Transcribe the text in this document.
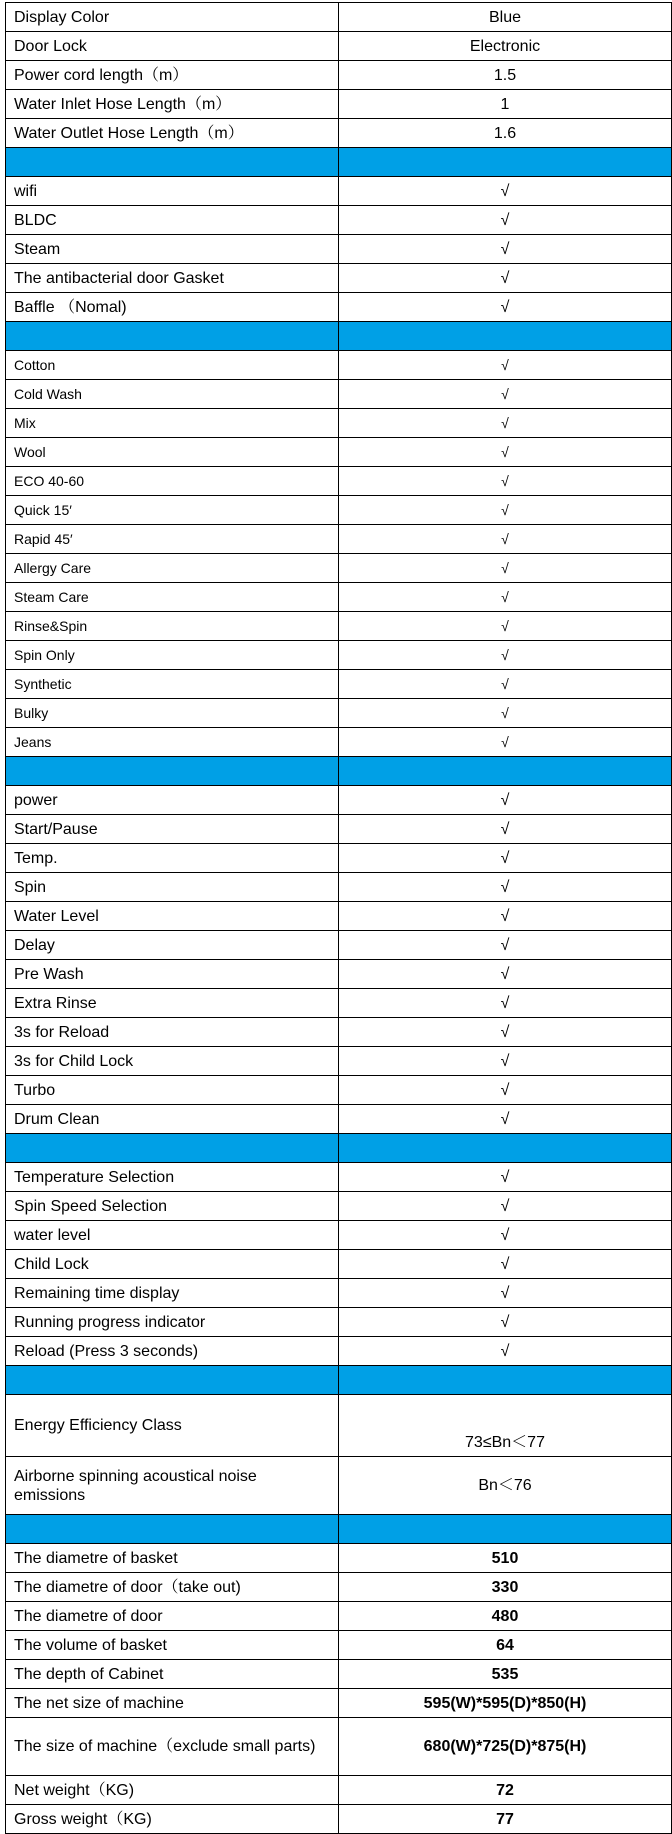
Display Color	Blue
Door Lock	Electronic
Power cord length（m）	1.5
Water Inlet Hose Length（m）	1
Water Outlet Hose Length（m）	1.6

wifi	√
BLDC	√
Steam	√
The antibacterial door Gasket	√
Baffle （Nomal)	√

Cotton	√
Cold Wash	√
Mix	√
Wool	√
ECO 40-60	√
Quick 15′	√
Rapid 45′	√
Allergy Care	√
Steam Care	√
Rinse&Spin	√
Spin Only	√
Synthetic	√
Bulky	√
Jeans	√

power	√
Start/Pause	√
Temp.	√
Spin	√
Water Level	√
Delay	√
Pre Wash	√
Extra Rinse	√
3s for Reload	√
3s for Child Lock	√
Turbo	√
Drum Clean	√

Temperature Selection	√
Spin Speed Selection	√
water level	√
Child Lock	√
Remaining time display	√
Running progress indicator	√
Reload (Press 3 seconds)	√

Energy Efficiency Class	73≤Bn＜77
Airborne spinning acoustical noise emissions	Bn＜76

The diametre of basket	510
The diametre of door（take out)	330
The diametre of door	480
The volume of basket	64
The depth of Cabinet	535
The net size of machine	595(W)*595(D)*850(H)
The size of machine（exclude small parts)	680(W)*725(D)*875(H)
Net weight（KG)	72
Gross weight（KG)	77
